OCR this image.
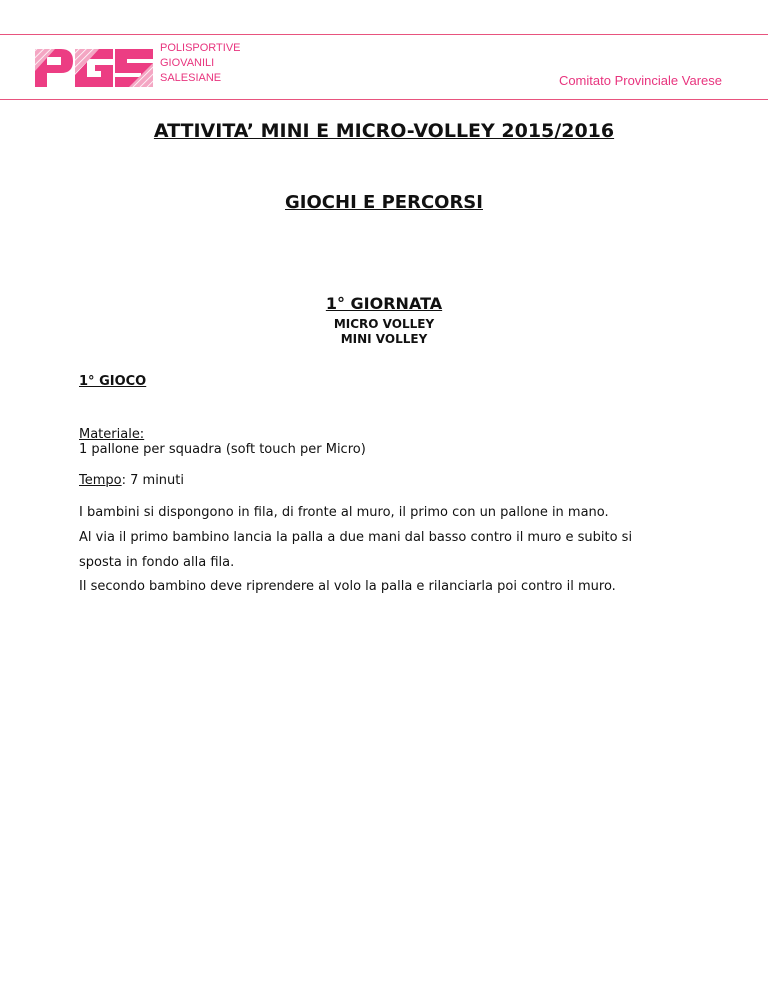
POLISPORTIVE
GIOVANILI
SALESIANE	Comitato Provinciale Varese
ATTIVITA’ MINI E MICRO-VOLLEY 2015/2016
GIOCHI E PERCORSI
1° GIORNATA
MICRO VOLLEY
MINI VOLLEY
1° GIOCO
Materiale:
1 pallone per squadra (soft touch per Micro)
Tempo: 7 minuti
I bambini si dispongono in fila, di fronte al muro, il primo con un pallone in mano.
Al via il primo bambino lancia la palla a due mani dal basso contro il muro e subito si
sposta in fondo alla fila.
Il secondo bambino deve riprendere al volo la palla e rilanciarla poi contro il muro.
